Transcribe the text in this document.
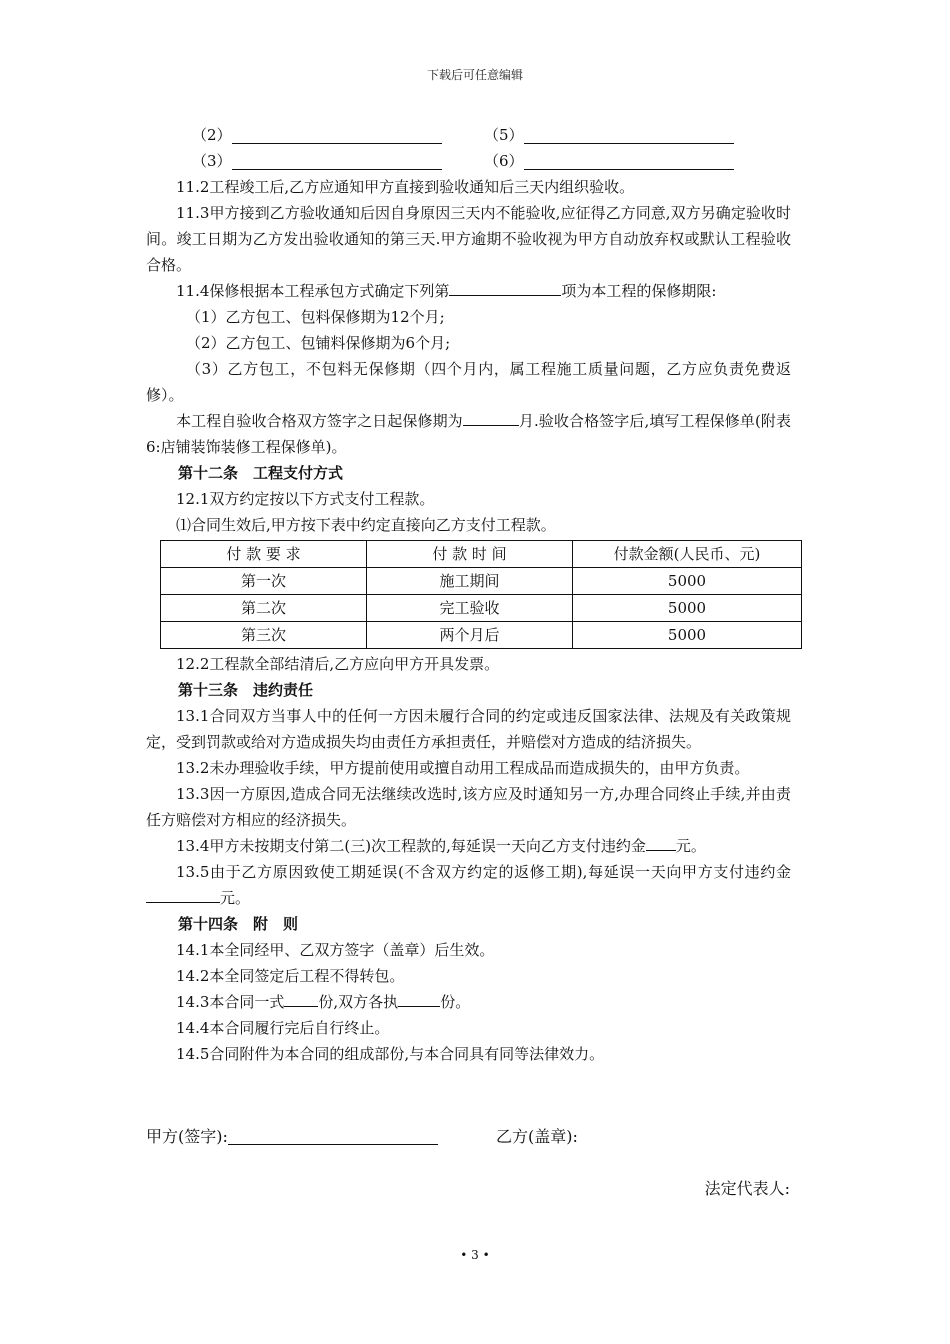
下载后可任意编辑
（2）	（5）
（3）	（6）

11.2工程竣工后,乙方应通知甲方直接到验收通知后三天内组织验收。

11.3甲方接到乙方验收通知后因自身原因三天内不能验收,应征得乙方同意,双方另确定验收时间。竣工日期为乙方发出验收通知的第三天.甲方逾期不验收视为甲方自动放弃权或默认工程验收合格。

11.4保修根据本工程承包方式确定下列第	项为本工程的保修期限:

（1）乙方包工、包料保修期为12个月;

（2）乙方包工、包铺料保修期为6个月;

（3）乙方包工，不包料无保修期（四个月内，属工程施工质量问题，乙方应负责免费返修）。

本工程自验收合格双方签字之日起保修期为	月.验收合格签字后,填写工程保修单(附表6:店铺装饰装修工程保修单)。

第十二条　工程支付方式

12.1双方约定按以下方式支付工程款。

⑴合同生效后,甲方按下表中约定直接向乙方支付工程款。

付 款 要 求	付 款 时 间	付款金额(人民币、元)
第一次	施工期间	5000
第二次	完工验收	5000
第三次	两个月后	5000

12.2工程款全部结清后,乙方应向甲方开具发票。

第十三条　违约责任

13.1合同双方当事人中的任何一方因未履行合同的约定或违反国家法律、法规及有关政策规定，受到罚款或给对方造成损失均由责任方承担责任，并赔偿对方造成的结济损失。

13.2未办理验收手续，甲方提前使用或擅自动用工程成品而造成损失的，由甲方负责。

13.3因一方原因,造成合同无法继续改选时,该方应及时通知另一方,办理合同终止手续,并由责任方赔偿对方相应的经济损失。

13.4甲方未按期支付第二(三)次工程款的,每延误一天向乙方支付违约金 元。

13.5由于乙方原因致使工期延误(不含双方约定的返修工期),每延误一天向甲方支付违约金元。

第十四条　附　则

14.1本全同经甲、乙双方签字（盖章）后生效。

14.2本全同签定后工程不得转包。

14.3本合同一式 份,双方各执	份。

14.4本合同履行完后自行终止。

14.5合同附件为本合同的组成部份,与本合同具有同等法律效力。

甲方(签字):	乙方(盖章):
法定代表人:
• 3 •
